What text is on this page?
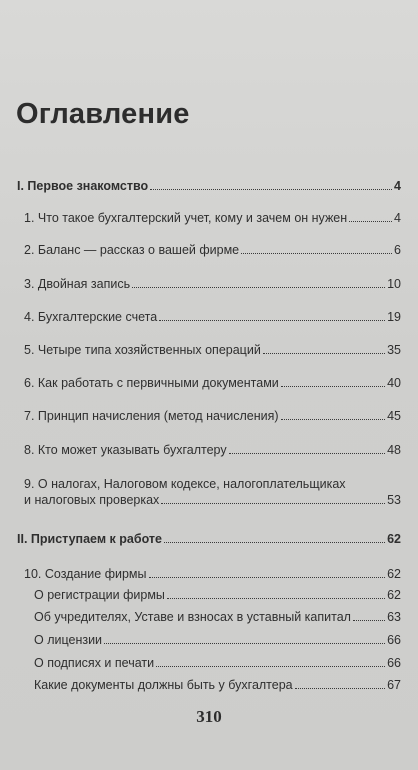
Оглавление
I. Первое знакомство	4
1. Что такое бухгалтерский учет, кому и зачем он нужен	4
2. Баланс — рассказ о вашей фирме	6
3. Двойная запись	10
4. Бухгалтерские счета	19
5. Четыре типа хозяйственных операций	35
6. Как работать с первичными документами	40
7. Принцип начисления (метод начисления)	45
8. Кто может указывать бухгалтеру	48
9. О налогах, Налоговом кодексе, налогоплательщиках
и налоговых проверках	53
II. Приступаем к работе	62
10. Создание фирмы	62
О регистрации фирмы	62
Об учредителях, Уставе и взносах в уставный капитал	63
О лицензии	66
О подписях и печати	66
Какие документы должны быть у бухгалтера	67
310
